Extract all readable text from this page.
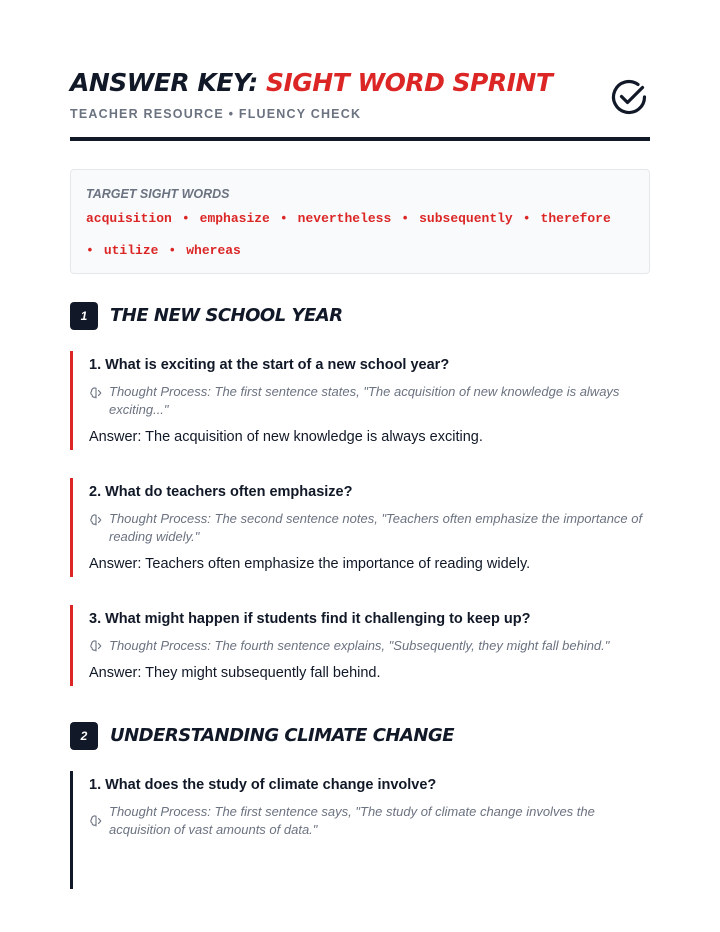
ANSWER KEY: SIGHT WORD SPRINT
TEACHER RESOURCE • FLUENCY CHECK
TARGET SIGHT WORDS
acquisition • emphasize • nevertheless • subsequently • therefore
• utilize • whereas
1	THE NEW SCHOOL YEAR
1. What is exciting at the start of a new school year?
Thought Process: The first sentence states, "The acquisition of new knowledge is always exciting..."
Answer: The acquisition of new knowledge is always exciting.
2. What do teachers often emphasize?
Thought Process: The second sentence notes, "Teachers often emphasize the importance of reading widely."
Answer: Teachers often emphasize the importance of reading widely.
3. What might happen if students find it challenging to keep up?
Thought Process: The fourth sentence explains, "Subsequently, they might fall behind."
Answer: They might subsequently fall behind.
2	UNDERSTANDING CLIMATE CHANGE
1. What does the study of climate change involve?
Thought Process: The first sentence says, "The study of climate change involves the acquisition of vast amounts of data."
